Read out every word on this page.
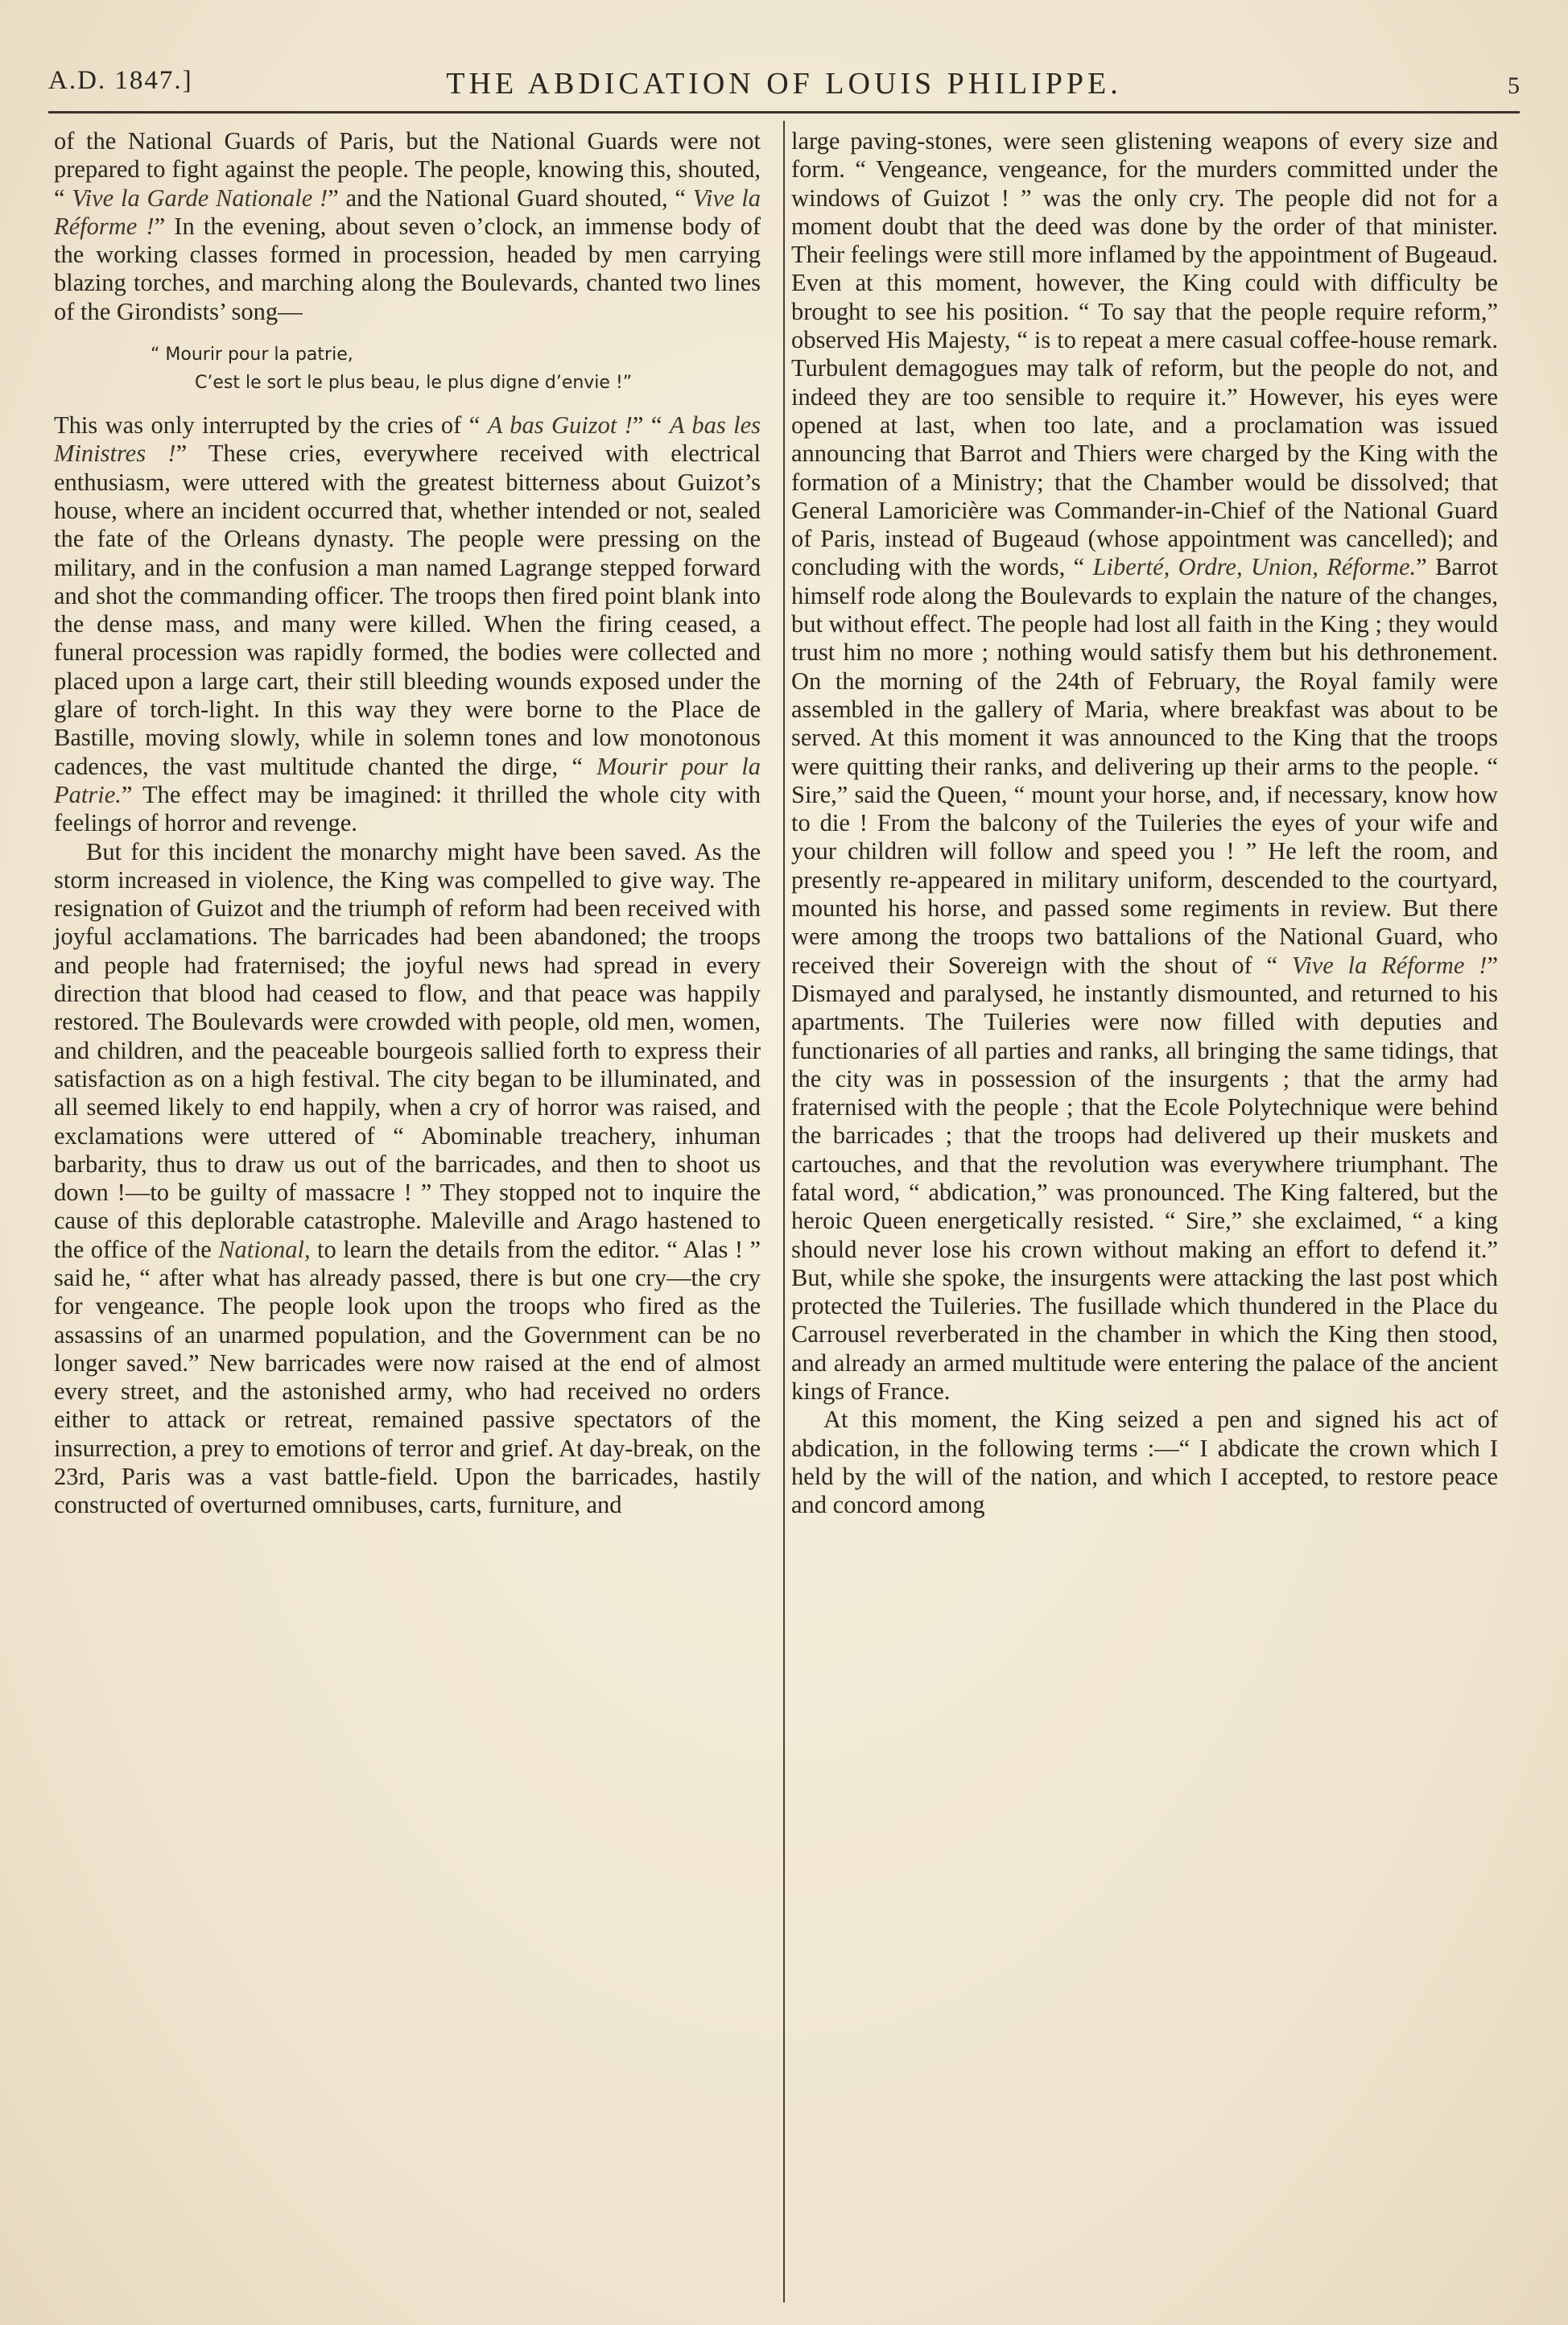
A.D. 1847.]	THE ABDICATION OF LOUIS PHILIPPE.	5

of the National Guards of Paris, but the National Guards were not prepared to fight against the people. The people, knowing this, shouted, “ Vive la Garde Nationale !” and the National Guard shouted, “ Vive la Réforme !” In the evening, about seven o’clock, an immense body of the working classes formed in procession, headed by men carrying blazing torches, and marching along the Boulevards, chanted two lines of the Girondists’ song—

“ Mourir pour la patrie,

C’est le sort le plus beau, le plus digne d’envie !”

This was only interrupted by the cries of “ A bas Guizot !” “ A bas les Ministres !” These cries, everywhere received with electrical enthusiasm, were uttered with the greatest bitterness about Guizot’s house, where an incident occurred that, whether intended or not, sealed the fate of the Orleans dynasty. The people were pressing on the military, and in the confusion a man named Lagrange stepped forward and shot the commanding officer. The troops then fired point blank into the dense mass, and many were killed. When the firing ceased, a funeral procession was rapidly formed, the bodies were collected and placed upon a large cart, their still bleeding wounds exposed under the glare of torch-light. In this way they were borne to the Place de Bastille, moving slowly, while in solemn tones and low monotonous cadences, the vast multitude chanted the dirge, “ Mourir pour la Patrie.” The effect may be imagined: it thrilled the whole city with feelings of horror and revenge.

But for this incident the monarchy might have been saved. As the storm increased in violence, the King was compelled to give way. The resignation of Guizot and the triumph of reform had been received with joyful acclamations. The barricades had been abandoned; the troops and people had fraternised; the joyful news had spread in every direction that blood had ceased to flow, and that peace was happily restored. The Boulevards were crowded with people, old men, women, and children, and the peaceable bourgeois sallied forth to express their satisfaction as on a high festival. The city began to be illuminated, and all seemed likely to end happily, when a cry of horror was raised, and exclamations were uttered of “ Abominable treachery, inhuman barbarity, thus to draw us out of the barricades, and then to shoot us down !—to be guilty of massacre ! ” They stopped not to inquire the cause of this deplorable catastrophe. Maleville and Arago hastened to the office of the National, to learn the details from the editor. “ Alas ! ” said he, “ after what has already passed, there is but one cry—the cry for vengeance. The people look upon the troops who fired as the assassins of an unarmed population, and the Government can be no longer saved.” New barricades were now raised at the end of almost every street, and the astonished army, who had received no orders either to attack or retreat, remained passive spectators of the insurrection, a prey to emotions of terror and grief. At day-break, on the 23rd, Paris was a vast battle-field. Upon the barricades, hastily constructed of overturned omnibuses, carts, furniture, and

large paving-stones, were seen glistening weapons of every size and form. “ Vengeance, vengeance, for the murders committed under the windows of Guizot ! ” was the only cry. The people did not for a moment doubt that the deed was done by the order of that minister. Their feelings were still more inflamed by the appointment of Bugeaud. Even at this moment, however, the King could with difficulty be brought to see his position. “ To say that the people require reform,” observed His Majesty, “ is to repeat a mere casual coffee-house remark. Turbulent demagogues may talk of reform, but the people do not, and indeed they are too sensible to require it.” However, his eyes were opened at last, when too late, and a proclamation was issued announcing that Barrot and Thiers were charged by the King with the formation of a Ministry; that the Chamber would be dissolved; that General Lamoricière was Commander-in-Chief of the National Guard of Paris, instead of Bugeaud (whose appointment was cancelled); and concluding with the words, “ Liberté, Ordre, Union, Réforme.” Barrot himself rode along the Boulevards to explain the nature of the changes, but without effect. The people had lost all faith in the King ; they would trust him no more ; nothing would satisfy them but his dethronement. On the morning of the 24th of February, the Royal family were assembled in the gallery of Maria, where breakfast was about to be served. At this moment it was announced to the King that the troops were quitting their ranks, and delivering up their arms to the people. “ Sire,” said the Queen, “ mount your horse, and, if necessary, know how to die ! From the balcony of the Tuileries the eyes of your wife and your children will follow and speed you ! ” He left the room, and presently re-appeared in military uniform, descended to the courtyard, mounted his horse, and passed some regiments in review. But there were among the troops two battalions of the National Guard, who received their Sovereign with the shout of “ Vive la Réforme !” Dismayed and paralysed, he instantly dismounted, and returned to his apartments. The Tuileries were now filled with deputies and functionaries of all parties and ranks, all bringing the same tidings, that the city was in possession of the insurgents ; that the army had fraternised with the people ; that the Ecole Polytechnique were behind the barricades ; that the troops had delivered up their muskets and cartouches, and that the revolution was everywhere triumphant. The fatal word, “ abdication,” was pronounced. The King faltered, but the heroic Queen energetically resisted. “ Sire,” she exclaimed, “ a king should never lose his crown without making an effort to defend it.” But, while she spoke, the insurgents were attacking the last post which protected the Tuileries. The fusillade which thundered in the Place du Carrousel reverberated in the chamber in which the King then stood, and already an armed multitude were entering the palace of the ancient kings of France.

At this moment, the King seized a pen and signed his act of abdication, in the following terms :—“ I abdicate the crown which I held by the will of the nation, and which I accepted, to restore peace and concord among
